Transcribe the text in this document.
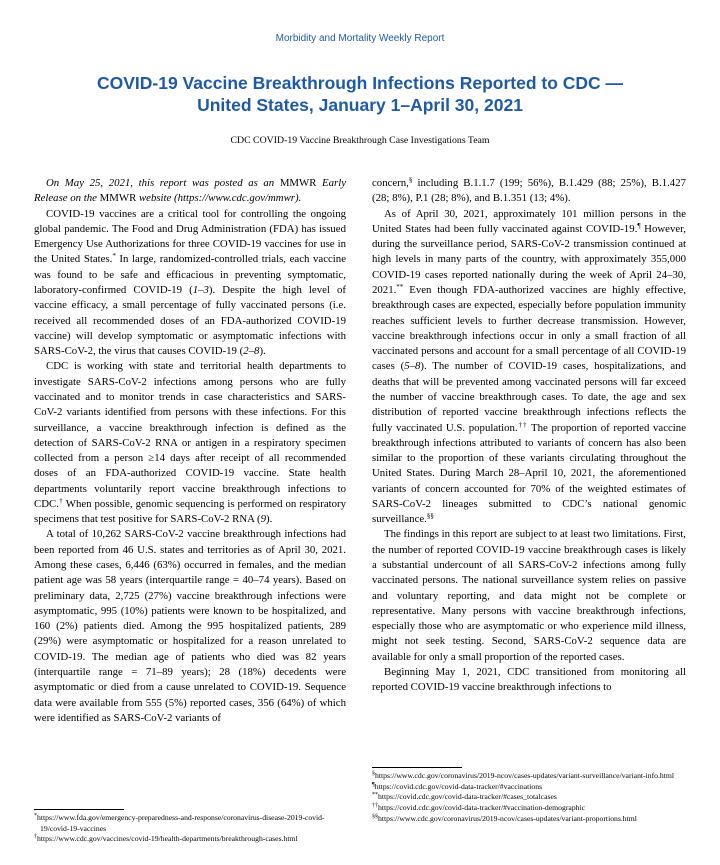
Morbidity and Mortality Weekly Report
COVID-19 Vaccine Breakthrough Infections Reported to CDC —
United States, January 1–April 30, 2021
CDC COVID-19 Vaccine Breakthrough Case Investigations Team

On May 25, 2021, this report was posted as an MMWR Early Release on the MMWR website (https://www.cdc.gov/mmwr).

COVID-19 vaccines are a critical tool for controlling the ongoing global pandemic. The Food and Drug Administration (FDA) has issued Emergency Use Authorizations for three COVID-19 vaccines for use in the United States.* In large, randomized-controlled trials, each vaccine was found to be safe and efficacious in preventing symptomatic, laboratory-confirmed COVID-19 (1–3). Despite the high level of vaccine efficacy, a small percentage of fully vaccinated persons (i.e. received all recommended doses of an FDA-authorized COVID-19 vaccine) will develop symptomatic or asymptomatic infections with SARS-CoV-2, the virus that causes COVID-19 (2–8).

CDC is working with state and territorial health departments to investigate SARS-CoV-2 infections among persons who are fully vaccinated and to monitor trends in case characteristics and SARS-CoV-2 variants identified from persons with these infections. For this surveillance, a vaccine breakthrough infection is defined as the detection of SARS-CoV-2 RNA or antigen in a respiratory specimen collected from a person ≥14 days after receipt of all recommended doses of an FDA-authorized COVID-19 vaccine. State health departments voluntarily report vaccine breakthrough infections to CDC.† When possible, genomic sequencing is performed on respiratory specimens that test positive for SARS-CoV-2 RNA (9).

A total of 10,262 SARS-CoV-2 vaccine breakthrough infections had been reported from 46 U.S. states and territories as of April 30, 2021. Among these cases, 6,446 (63%) occurred in females, and the median patient age was 58 years (interquartile range = 40–74 years). Based on preliminary data, 2,725 (27%) vaccine breakthrough infections were asymptomatic, 995 (10%) patients were known to be hospitalized, and 160 (2%) patients died. Among the 995 hospitalized patients, 289 (29%) were asymptomatic or hospitalized for a reason unrelated to COVID-19. The median age of patients who died was 82 years (interquartile range = 71–89 years); 28 (18%) decedents were asymptomatic or died from a cause unrelated to COVID-19. Sequence data were available from 555 (5%) reported cases, 356 (64%) of which were identified as SARS-CoV-2 variants of

concern,§ including B.1.1.7 (199; 56%), B.1.429 (88; 25%), B.1.427 (28; 8%), P.1 (28; 8%), and B.1.351 (13; 4%).

As of April 30, 2021, approximately 101 million persons in the United States had been fully vaccinated against COVID-19.¶ However, during the surveillance period, SARS-CoV-2 transmission continued at high levels in many parts of the country, with approximately 355,000 COVID-19 cases reported nationally during the week of April 24–30, 2021.** Even though FDA-authorized vaccines are highly effective, breakthrough cases are expected, especially before population immunity reaches sufficient levels to further decrease transmission. However, vaccine breakthrough infections occur in only a small fraction of all vaccinated persons and account for a small percentage of all COVID-19 cases (5–8). The number of COVID-19 cases, hospitalizations, and deaths that will be prevented among vaccinated persons will far exceed the number of vaccine breakthrough cases. To date, the age and sex distribution of reported vaccine breakthrough infections reflects the fully vaccinated U.S. population.†† The proportion of reported vaccine breakthrough infections attributed to variants of concern has also been similar to the proportion of these variants circulating throughout the United States. During March 28–April 10, 2021, the aforementioned variants of concern accounted for 70% of the weighted estimates of SARS-CoV-2 lineages submitted to CDC’s national genomic surveillance.§§

The findings in this report are subject to at least two limitations. First, the number of reported COVID-19 vaccine breakthrough cases is likely a substantial undercount of all SARS-CoV-2 infections among fully vaccinated persons. The national surveillance system relies on passive and voluntary reporting, and data might not be complete or representative. Many persons with vaccine breakthrough infections, especially those who are asymptomatic or who experience mild illness, might not seek testing. Second, SARS-CoV-2 sequence data are available for only a small proportion of the reported cases.

Beginning May 1, 2021, CDC transitioned from monitoring all reported COVID-19 vaccine breakthrough infections to

*https://www.fda.gov/emergency-preparedness-and-response/coronavirus-disease-2019-covid-19/covid-19-vaccines

†https://www.cdc.gov/vaccines/covid-19/health-departments/breakthrough-cases.html

§https://www.cdc.gov/coronavirus/2019-ncov/cases-updates/variant-surveillance/variant-info.html

¶https://covid.cdc.gov/covid-data-tracker/#vaccinations

**https://covid.cdc.gov/covid-data-tracker/#cases_totalcases

††https://covid.cdc.gov/covid-data-tracker/#vaccination-demographic

§§https://www.cdc.gov/coronavirus/2019-ncov/cases-updates/variant-proportions.html
